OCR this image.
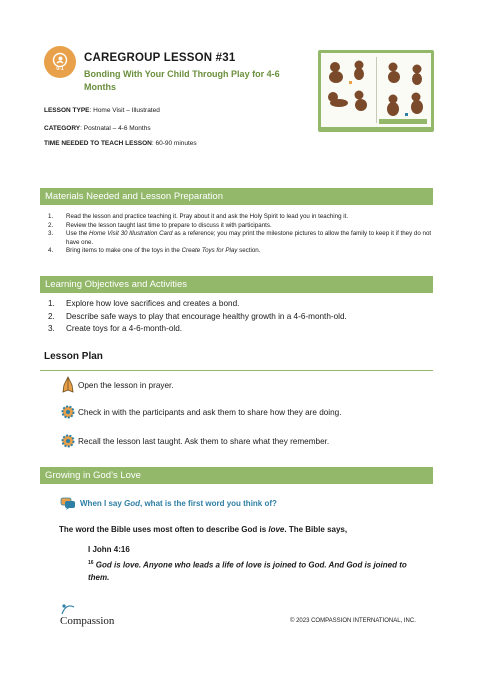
0-1
CAREGROUP LESSON #31
Bonding With Your Child Through Play for 4-6 Months
LESSON TYPE: Home Visit – Illustrated
CATEGORY: Postnatal – 4-6 Months
TIME NEEDED TO TEACH LESSON: 60-90 minutes
Materials Needed and Lesson Preparation
1.	Read the lesson and practice teaching it. Pray about it and ask the Holy Spirit to lead you in teaching it.
2.	Review the lesson taught last time to prepare to discuss it with participants.
3.	Use the Home Visit 30 Illustration Card as a reference; you may print the milestone pictures to allow the family to keep it if they do not have one.
4.	Bring items to make one of the toys in the Create Toys for Play section.
Learning Objectives and Activities
1.	Explore how love sacrifices and creates a bond.
2.	Describe safe ways to play that encourage healthy growth in a 4-6-month-old.
3.	Create toys for a 4-6-month-old.
Lesson Plan
Open the lesson in prayer.
Check in with the participants and ask them to share how they are doing.
Recall the lesson last taught. Ask them to share what they remember.
Growing in God’s Love
When I say God, what is the first word you think of?
The word the Bible uses most often to describe God is love. The Bible says,
I John 4:16
$^{16}$ God is love. Anyone who leads a life of love is joined to God. And God is joined to them.
Compassion	© 2023 COMPASSION INTERNATIONAL, INC.
